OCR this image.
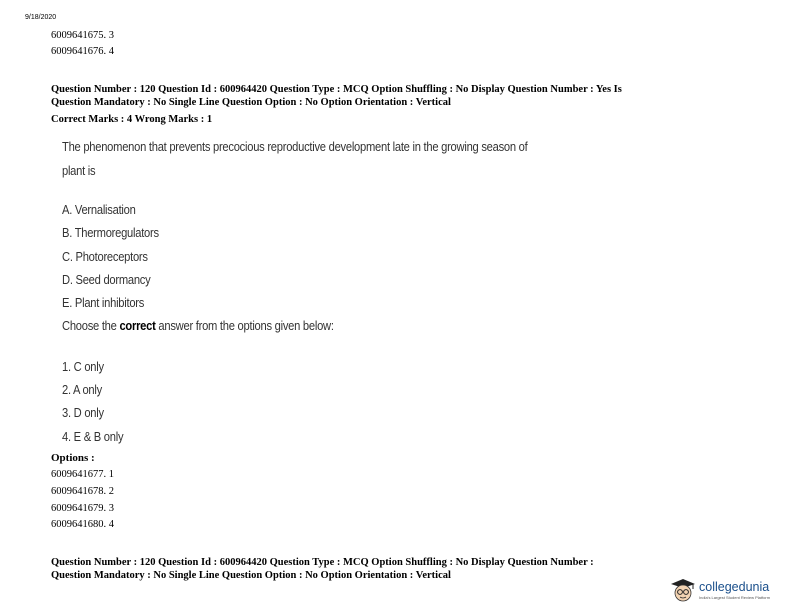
9/18/2020
6009641675. 3
6009641676. 4
Question Number : 120 Question Id : 600964420 Question Type : MCQ Option Shuffling : No Display Question Number : Yes Is
Question Mandatory : No Single Line Question Option : No Option Orientation : Vertical
Correct Marks : 4 Wrong Marks : 1
The phenomenon that prevents precocious reproductive development late in the growing season of
plant is
A. Vernalisation
B. Thermoregulators
C. Photoreceptors
D. Seed dormancy
E. Plant inhibitors
Choose the correct answer from the options given below:
1. C only
2. A only
3. D only
4. E & B only
Options :
6009641677. 1
6009641678. 2
6009641679. 3
6009641680. 4
Question Number : 120 Question Id : 600964420 Question Type : MCQ Option Shuffling : No Display Question Number :
Question Mandatory : No Single Line Question Option : No Option Orientation : Vertical
collegedunia
India's Largest Student Review Platform
